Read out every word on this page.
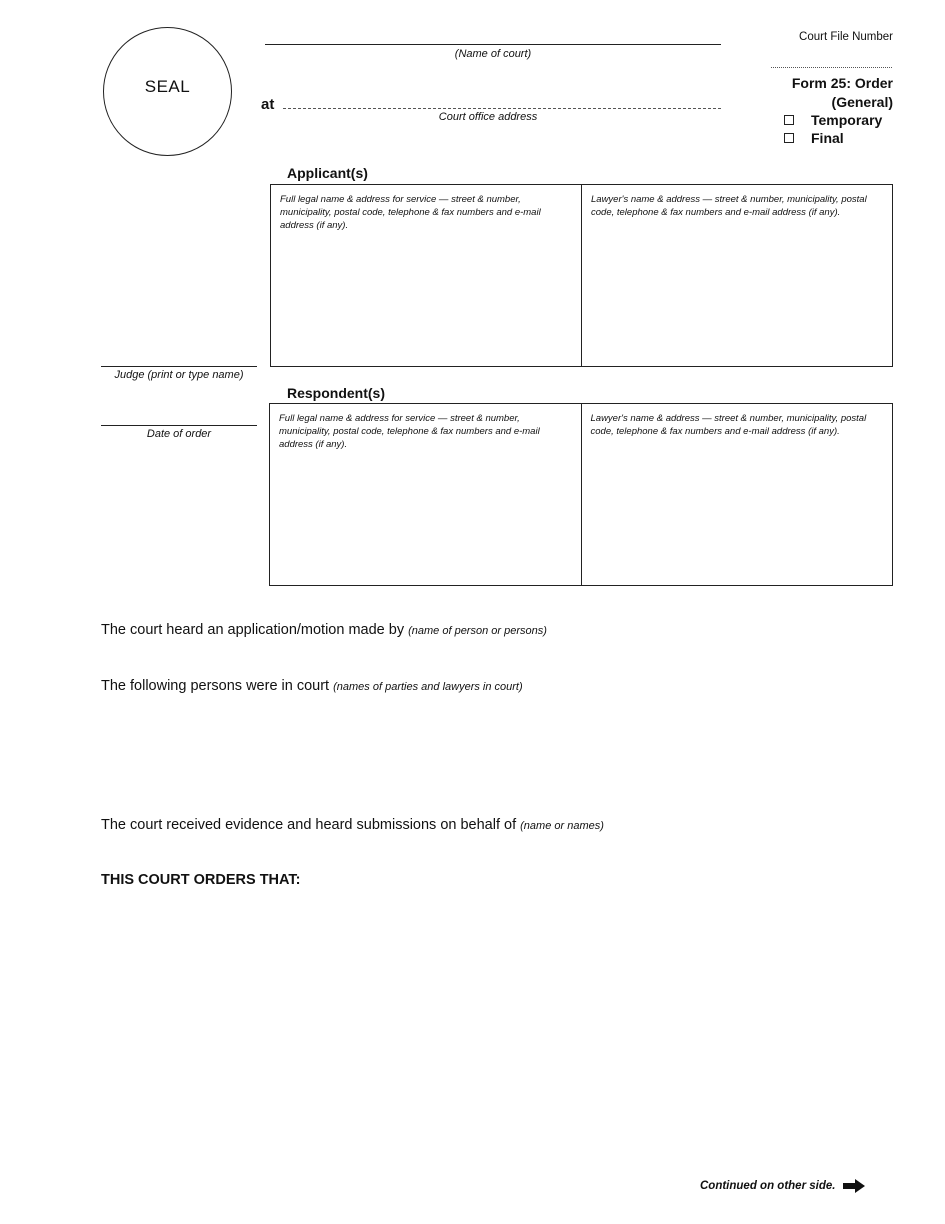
SEAL
(Name of court)
at
Court office address
Court File Number
Form 25: Order
(General)
Temporary
Final
Applicant(s)
Full legal name & address for service — street & number, municipality, postal code, telephone & fax numbers and e-mail address (if any).
Lawyer's name & address — street & number, municipality, postal code, telephone & fax numbers and e-mail address (if any).
Judge (print or type name)
Respondent(s)
Full legal name & address for service — street & number, municipality, postal code, telephone & fax numbers and e-mail address (if any).
Lawyer's name & address — street & number, municipality, postal code, telephone & fax numbers and e-mail address (if any).
Date of order
The court heard an application/motion made by (name of person or persons)
The following persons were in court (names of parties and lawyers in court)
The court received evidence and heard submissions on behalf of (name or names)
THIS COURT ORDERS THAT:
Continued on other side.
